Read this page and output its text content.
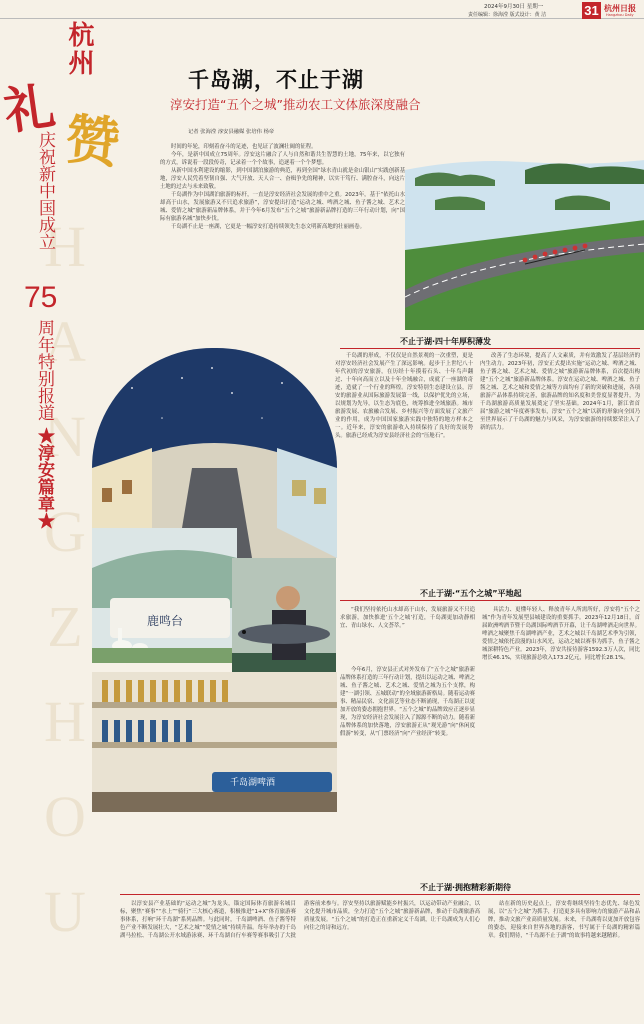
2024年9月30日 星期一
责任编辑：徐海滢 版式设计：黄 洁	31 杭州日报
Hangzhou Daily
HANGZHOU
杭州
礼 赞
庆祝新中国成立
75
周年特别报道
★淳安篇章★
千岛湖，不止于湖
淳安打造“五个之城”推动农工文体旅深度融合
记者 张海滢 淳安县融媒 张培伟 杨帝

时间的年轮，印刻着奋斗的足迹，也见证了波澜壮阔的征程。

今年，是新中国成立75周年。淳安这片融合了人与自然和谐共生智慧的土地，75年来，以它独有的方式，诉说着一段段传奇，记录着一个个故事，追逐着一个个梦想。

从新中国水利建设的缩影，到中国湖泊旅游的典范，再到全国“绿水青山就是金山银山”实践创新基地，淳安人民凭着坚韧自强、大气开放、天人合一、奋楫争先的精神，以实干笃行、满腔奋斗，向这片土地的过去与未来致敬。

千岛湖作为中国湖泊旅游的标杆，一直是淳安经济社会发展的重中之重。2023年，基于“依托山水却高于山水，发展旅游又不只追求旅游”，淳安提出打造“运动之城、啤酒之城、鱼子酱之城、艺术之城、爱情之城”旅游新品牌体系，并于今年6月发布“五个之城”旅游新品牌打造的三年行动计划，向“国际有旅游名城”加快步伐。

千岛湖不止是一座湖，它更是一幅淳安打造持续领先生态文明新高地的壮丽画卷。

鹿鸣台
千岛湖啤酒
不止于湖·四十年厚积薄发
千岛湖的形成，不仅仅是自然景观的一次重塑，更是对淳安经济社会发展产生了深远影响。起步于上世纪八十年代初的淳安旅游，在历经十年摸着石头、十年鸟声翻过、十年向高而立以及十年全域融合，成就了一座湖的奇迹，造就了一个行业的辉煌。淳安特别生态建设立县，淳安的旅游业从国际旅游发展第一线，以保护优先的立场，以规划为先导，以生态为底色，统筹推进全域旅游。城市旅游发展、农旅融合发展、乡村振兴等方面发展了文旅产业的作用，成为中国国家旅游实践中独特的地方样本之一。近年来，淳安的旅游收入持续保持了良好的发展势头。旅游已经成为淳安县经济社会的“压舱石”。
改善了生态环境，提高了人文素质，并有效激发了基层经济的内生动力。2023年初，淳安正式提出实施“运动之城、啤酒之城、鱼子酱之城、艺术之城、爱情之城”旅游新品牌体系，首次提出构建“五个之城”旅游新品牌体系。淳安在运动之城、啤酒之城、鱼子酱之城、艺术之城和爱情之城等方面均有了新的突破和进展，各项旅游产品体系持续完善，旅游品牌的知名度和美誉度显著提升，为千岛湖旅游高质量发展奠定了坚实基础。2024年1月，浙江省首届“旅游之城”年度赛事发布，淳安“五个之城”以新的形象向全国乃至世界展示了千岛湖的魅力与风采，为淳安旅游的持续繁荣注入了新的活力。
不止于湖·“五个之城”平地起
“我们坚持依托山水却高于山水，发展旅游又不只追求旅游，加快推进‘五个之城’打造，千岛湖更加动静相宜、青山绿水、人文荟萃。”
今年6月，淳安县正式对外发布了“五个之城”旅游新品牌体系打造的三年行动计划，提出以运动之城、啤酒之城、鱼子酱之城、艺术之城、爱情之城为五个支撑，构建“一湖引领、五城联动”的全域旅游新格局。随着运动赛事、精品民宿、文化演艺等业态不断涌现，千岛湖正以更加开放的姿态拥抱世界。“五个之城”的品牌效应正逐步显现，为淳安经济社会发展注入了源源不断的动力。随着新品牌体系的加快落地，淳安旅游正从“观光游”向“休闲度假游”转变，从“门票经济”向“产业经济”转变。
具活力、更懂年轻人、释放青年人所需所好，淳安将“五个之城”作为青年发展型县城建设的重要抓手。2023年12月18日，首届欧洲啤酒节暨千岛湖国际啤酒节开幕，让千岛湖啤酒走向世界。啤酒之城聚焦千岛湖啤酒产业，艺术之城以千岛湖艺术季为引领，爱情之城依托浪漫的山水风光，运动之城以赛事为抓手，鱼子酱之城深耕特色产业。2023年，淳安共接待游客1592.3万人次，同比增长46.1%，实现旅游总收入173.2亿元，同比增长28.1%。
不止于湖·拥抱精彩新期待
以淳安县产业基础的“运动之城”为龙头，锚定国际体育旅游名城目标，聚焦“赛事”“水上”“骑行”三大核心赛道，积极推进“1+X”体育旅游赛事体系，打响“环千岛湖”系列品牌。与此同时，千岛湖啤酒、鱼子酱等特色产业不断发展壮大，“艺术之城”“爱情之城”持续升温。每年举办的千岛湖马拉松、千岛湖公开水域游泳赛、环千岛湖自行车赛等赛事吸引了大批游客前来参与。淳安坚持以旅游赋能乡村振兴，以运动带动产业融合，以文化提升城市品质，全力打造“五个之城”旅游新品牌，推动千岛湖旅游高质量发展。“五个之城”的打造正在重新定义千岛湖，让千岛湖成为人们心向往之的诗和远方。
站在新的历史起点上，淳安将继续坚持生态优先、绿色发展，以“五个之城”为抓手，打造更多具有影响力的旅游产品和品牌，推动文旅产业高质量发展。未来，千岛湖将以更加开放包容的姿态，迎接来自世界各地的游客，书写属于千岛湖的精彩篇章。我们期待，“千岛湖不止于湖”的故事将越来越精彩。
